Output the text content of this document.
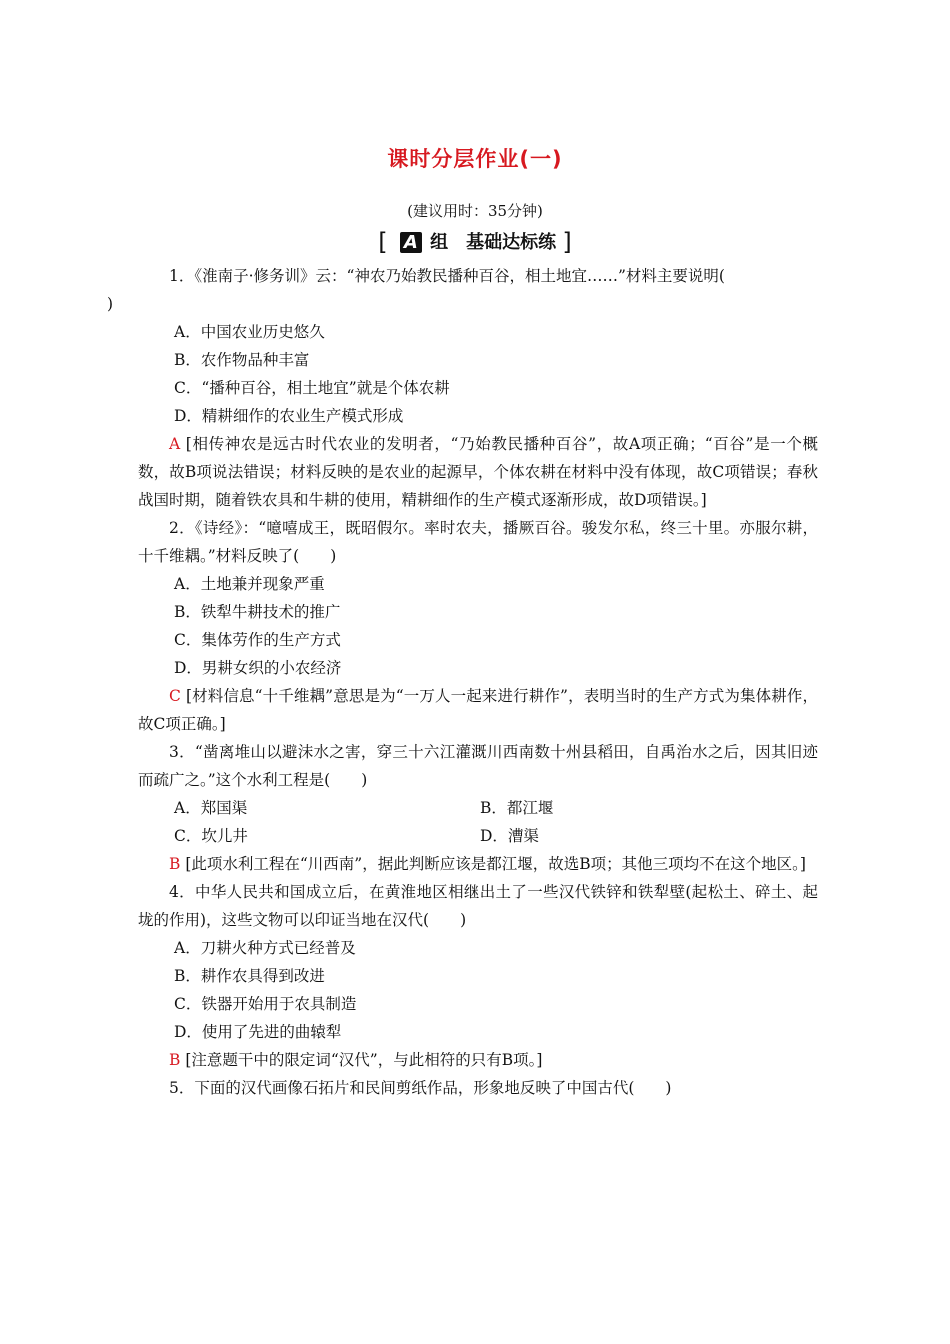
课时分层作业(一)
(建议用时：35分钟)
[ A 组　基础达标练 ]

1．《淮南子·修务训》云：“神农乃始教民播种百谷，相土地宜……”材料主要说明(
)

A．中国农业历史悠久

B．农作物品种丰富

C．“播种百谷，相土地宜”就是个体农耕

D．精耕细作的农业生产模式形成

A [相传神农是远古时代农业的发明者，“乃始教民播种百谷”，故A项正确；“百谷”是一个概数，故B项说法错误；材料反映的是农业的起源早，个体农耕在材料中没有体现，故C项错误；春秋战国时期，随着铁农具和牛耕的使用，精耕细作的生产模式逐渐形成，故D项错误。]

2．《诗经》：“噫嘻成王，既昭假尔。率时农夫，播厥百谷。骏发尔私，终三十里。亦服尔耕，十千维耦。”材料反映了(　　)

A．土地兼并现象严重

B．铁犁牛耕技术的推广

C．集体劳作的生产方式

D．男耕女织的小农经济

C [材料信息“十千维耦”意思是为“一万人一起来进行耕作”，表明当时的生产方式为集体耕作，故C项正确。]

3．“凿离堆山以避沫水之害，穿三十六江灌溉川西南数十州县稻田，自禹治水之后，因其旧迹而疏广之。”这个水利工程是(　　)

A．郑国渠	B．都江堰
C．坎儿井	D．漕渠

B [此项水利工程在“川西南”，据此判断应该是都江堰，故选B项；其他三项均不在这个地区。]

4．中华人民共和国成立后，在黄淮地区相继出土了一些汉代铁锌和铁犁壁(起松土、碎土、起垅的作用)，这些文物可以印证当地在汉代(　　)

A．刀耕火种方式已经普及

B．耕作农具得到改进

C．铁器开始用于农具制造

D．使用了先进的曲辕犁

B [注意题干中的限定词“汉代”，与此相符的只有B项。]

5．下面的汉代画像石拓片和民间剪纸作品，形象地反映了中国古代(　　)
